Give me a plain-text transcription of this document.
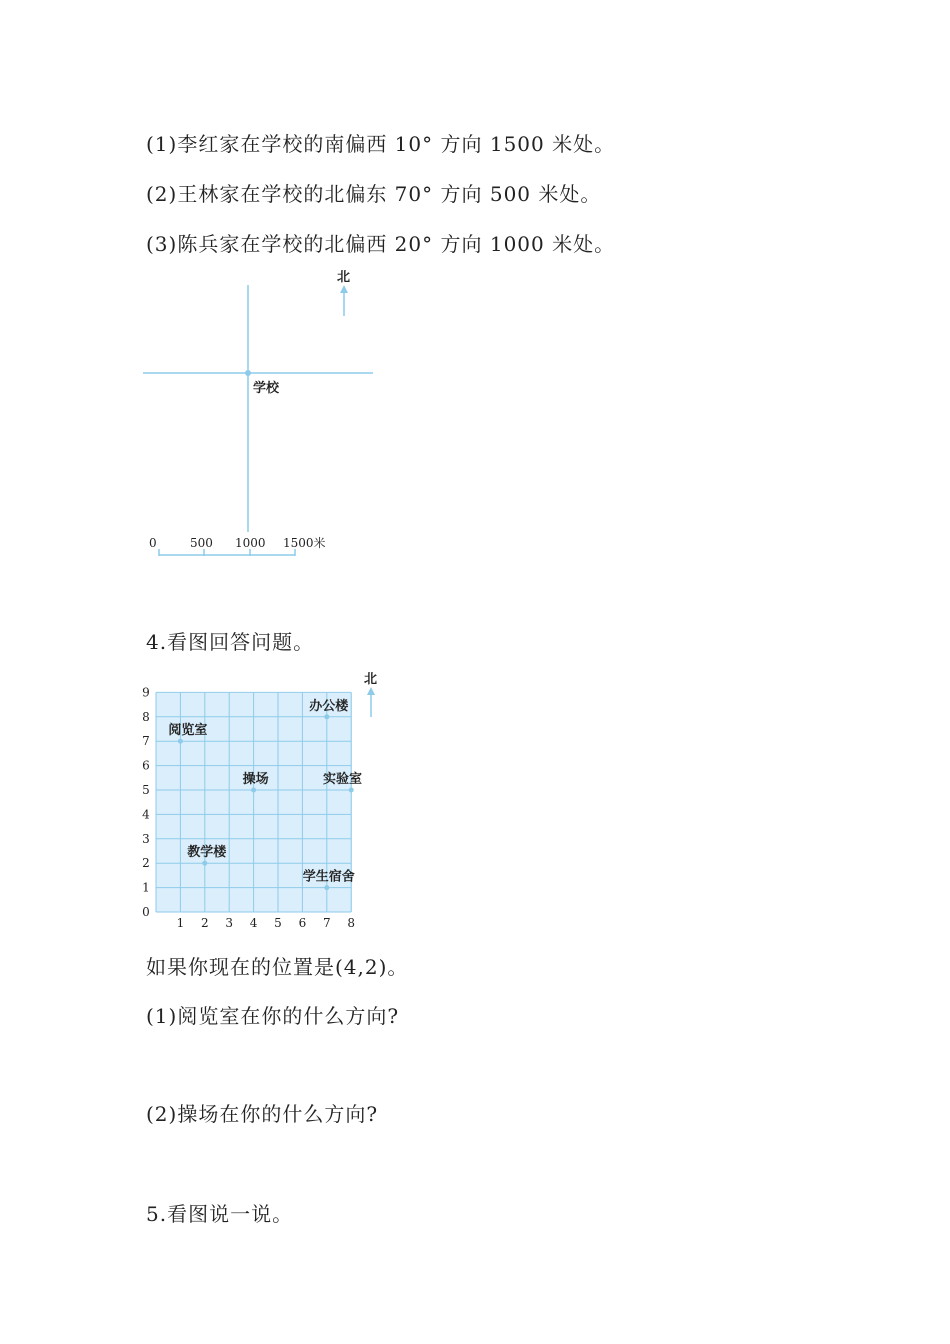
(1)李红家在学校的南偏西 10° 方向 1500 米处。
(2)王林家在学校的北偏东 70° 方向 500 米处。
(3)陈兵家在学校的北偏西 20° 方向 1000 米处。
北
学校
0	500 1000 1500米
4.看图回答问题。
1 2 3 4 5 6 7 8
0
1
2
3
4
5
6
7
8
9
办公楼
阅览室
操场	实验室
教学楼
学生宿舍
北
如果你现在的位置是(4,2)。
(1)阅览室在你的什么方向?
(2)操场在你的什么方向?
5.看图说一说。
